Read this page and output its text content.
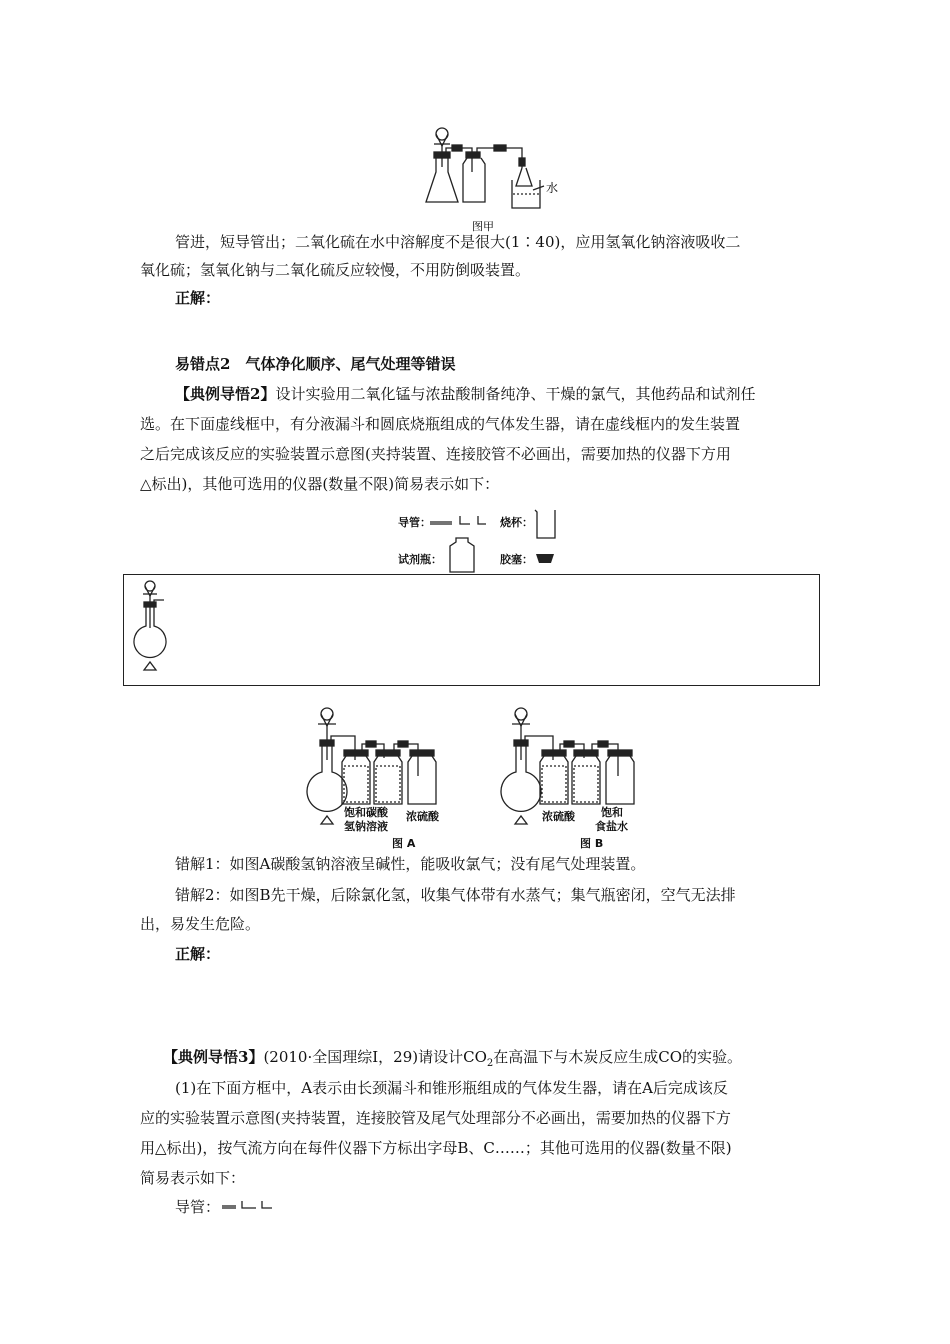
水
图甲
管进，短导管出；二氧化硫在水中溶解度不是很大(1∶40)，应用氢氧化钠溶液吸收二
氧化硫；氢氧化钠与二氧化硫反应较慢，不用防倒吸装置。
正解：
易错点2　气体净化顺序、尾气处理等错误
【典例导悟2】设计实验用二氧化锰与浓盐酸制备纯净、干燥的氯气，其他药品和试剂任
选。在下面虚线框中，有分液漏斗和圆底烧瓶组成的气体发生器，请在虚线框内的发生装置
之后完成该反应的实验装置示意图(夹持装置、连接胶管不必画出，需要加热的仪器下方用
△标出)，其他可选用的仪器(数量不限)简易表示如下：
导管：	烧杯：
试剂瓶：	胶塞：
饱和碳酸
氢钠溶液
浓硫酸
图 A
浓硫酸 饱和
食盐水
图 B
错解1：如图A碳酸氢钠溶液呈碱性，能吸收氯气；没有尾气处理装置。
错解2：如图B先干燥，后除氯化氢，收集气体带有水蒸气；集气瓶密闭，空气无法排
出，易发生危险。
正解：
【典例导悟3】(2010·全国理综Ⅰ，29)请设计$CO_2$在高温下与木炭反应生成CO的实验。
(1)在下面方框中，A表示由长颈漏斗和锥形瓶组成的气体发生器，请在A后完成该反
应的实验装置示意图(夹持装置，连接胶管及尾气处理部分不必画出，需要加热的仪器下方
用△标出)，按气流方向在每件仪器下方标出字母B、C……；其他可选用的仪器(数量不限)
简易表示如下：
导管：
